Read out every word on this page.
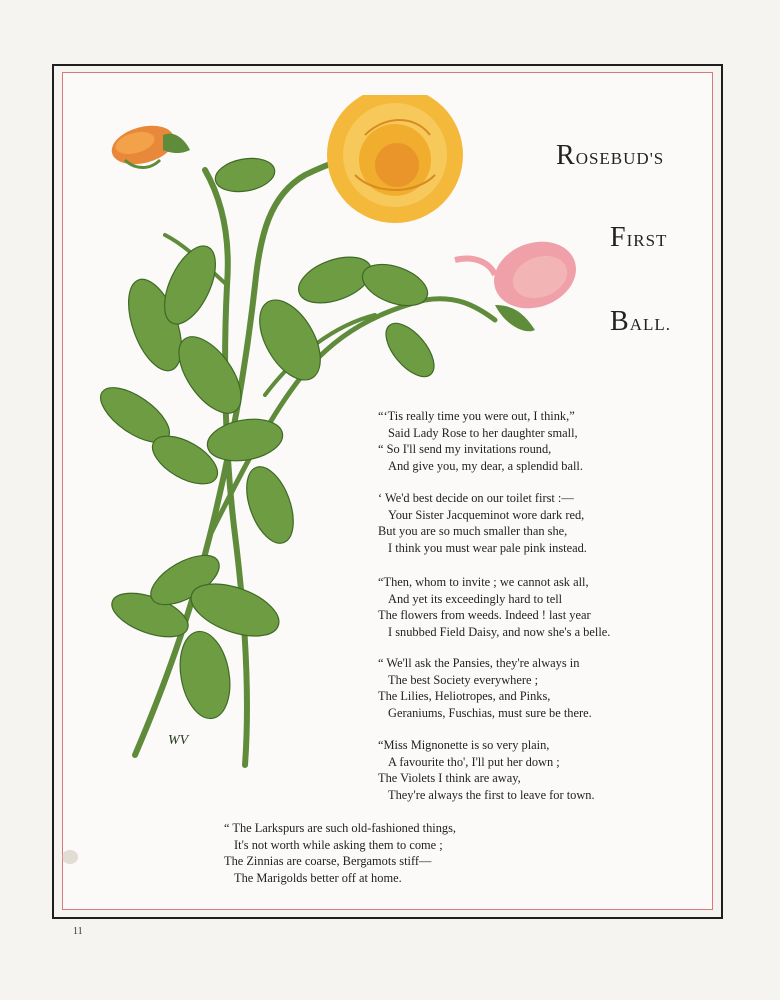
WV
ROSEBUD'S
FIRST
BALL.
“‘Tis really time you were out, I think,”
Said Lady Rose to her daughter small,
“ So I'll send my invitations round,
And give you, my dear, a splendid ball.
‘ We'd best decide on our toilet first :—
Your Sister Jacqueminot wore dark red,
But you are so much smaller than she,
I think you must wear pale pink instead.
“Then, whom to invite ; we cannot ask all,
And yet its exceedingly hard to tell
The flowers from weeds. Indeed ! last year
I snubbed Field Daisy, and now she's a belle.
“ We'll ask the Pansies, they're always in
The best Society everywhere ;
The Lilies, Heliotropes, and Pinks,
Geraniums, Fuschias, must sure be there.
“Miss Mignonette is so very plain,
A favourite tho', I'll put her down ;
The Violets I think are away,
They're always the first to leave for town.
“ The Larkspurs are such old-fashioned things,
It's not worth while asking them to come ;
The Zinnias are coarse, Bergamots stiff—
The Marigolds better off at home.
11
